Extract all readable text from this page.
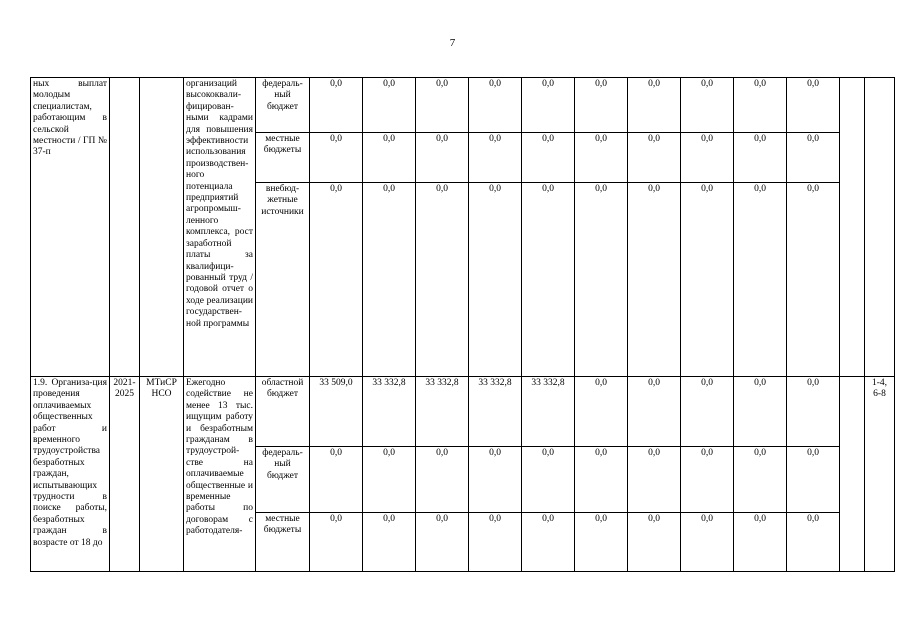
7
ных выплат молодым специалистам, работающим в сельской местности / ГП № 37-п			организаций высококвали-фицирован-ными кадрами для повышения эффективности использования производствен-ного потенциала предприятий агропромыш-ленного комплекса, рост заработной платы за квалифици-рованный труд / годовой отчет о ходе реализации государствен-ной программы	федераль-ный бюджет	0,0	0,0	0,0	0,0	0,0	0,0	0,0	0,0	0,0	0,0		
				местные бюджеты	0,0	0,0	0,0	0,0	0,0	0,0	0,0	0,0	0,0	0,0		
				внебюд-жетные источники	0,0	0,0	0,0	0,0	0,0	0,0	0,0	0,0	0,0	0,0		
1.9. Организа-ция проведения оплачиваемых общественных работ и временного трудоустройства безработных граждан, испытывающих трудности в поиске работы, безработных граждан в возрасте от 18 до	2021-2025	МТиСР НСО	Ежегодно содействие не менее 13 тыс. ищущим работу и безработным гражданам в трудоустрой-стве на оплачиваемые общественные и временные работы по договорам с работодателя-	областной бюджет	33 509,0	33 332,8	33 332,8	33 332,8	33 332,8	0,0	0,0	0,0	0,0	0,0		1-4, 6-8
				федераль-ный бюджет	0,0	0,0	0,0	0,0	0,0	0,0	0,0	0,0	0,0	0,0		
				местные бюджеты	0,0	0,0	0,0	0,0	0,0	0,0	0,0	0,0	0,0	0,0		
